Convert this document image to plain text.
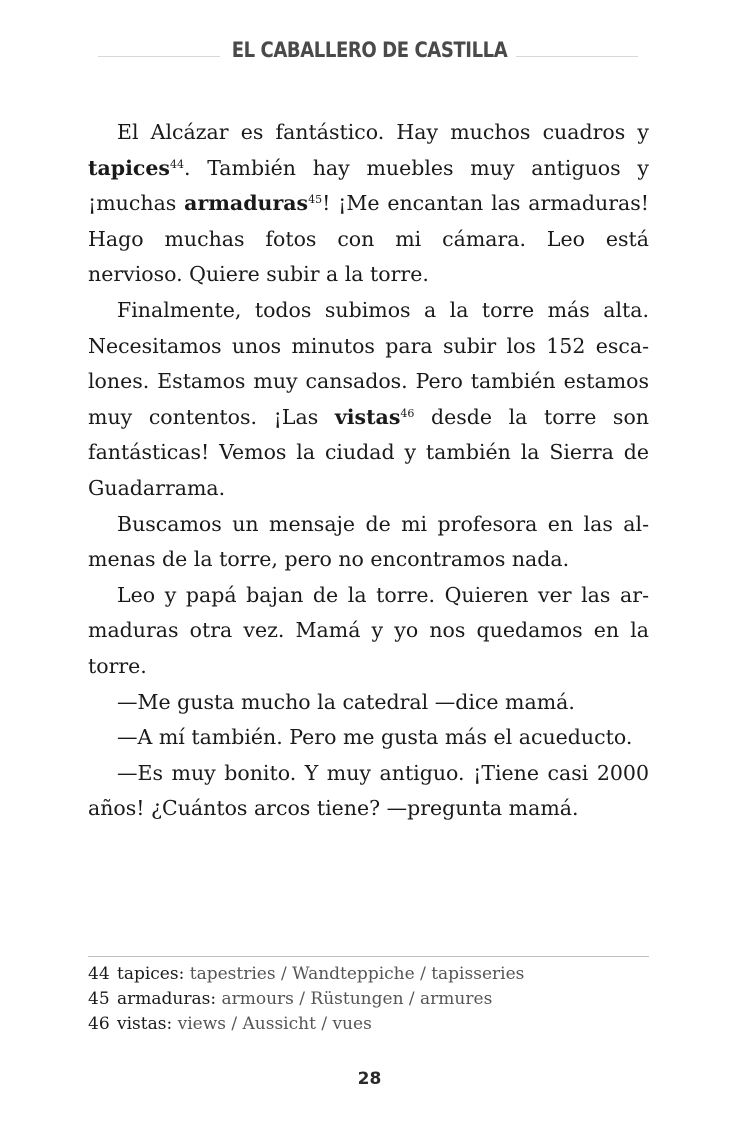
EL CABALLERO DE CASTILLA

El Alcázar es fantástico. Hay muchos cuadros y tapices$^{44}$. También hay muebles muy antiguos y ¡muchas armaduras$^{45}$! ¡Me encantan las armaduras! Hago muchas fotos con mi cámara. Leo está nervioso. Quiere subir a la torre.

Finalmente, todos subimos a la torre más alta. Necesitamos unos minutos para subir los 152 escalones. Estamos muy cansados. Pero también estamos muy contentos. ¡Las vistas$^{46}$ desde la torre son fantásticas! Vemos la ciudad y también la Sierra de Guadarrama.

Buscamos un mensaje de mi profesora en las almenas de la torre, pero no encontramos nada.

Leo y papá bajan de la torre. Quieren ver las armaduras otra vez. Mamá y yo nos quedamos en la torre.

—Me gusta mucho la catedral —dice mamá.

—A mí también. Pero me gusta más el acueducto.

—Es muy bonito. Y muy antiguo. ¡Tiene casi 2000 años! ¿Cuántos arcos tiene? —pregunta mamá.

44 tapices: tapestries / Wandteppiche / tapisseries
45 armaduras: armours / Rüstungen / armures
46 vistas: views / Aussicht / vues
28
